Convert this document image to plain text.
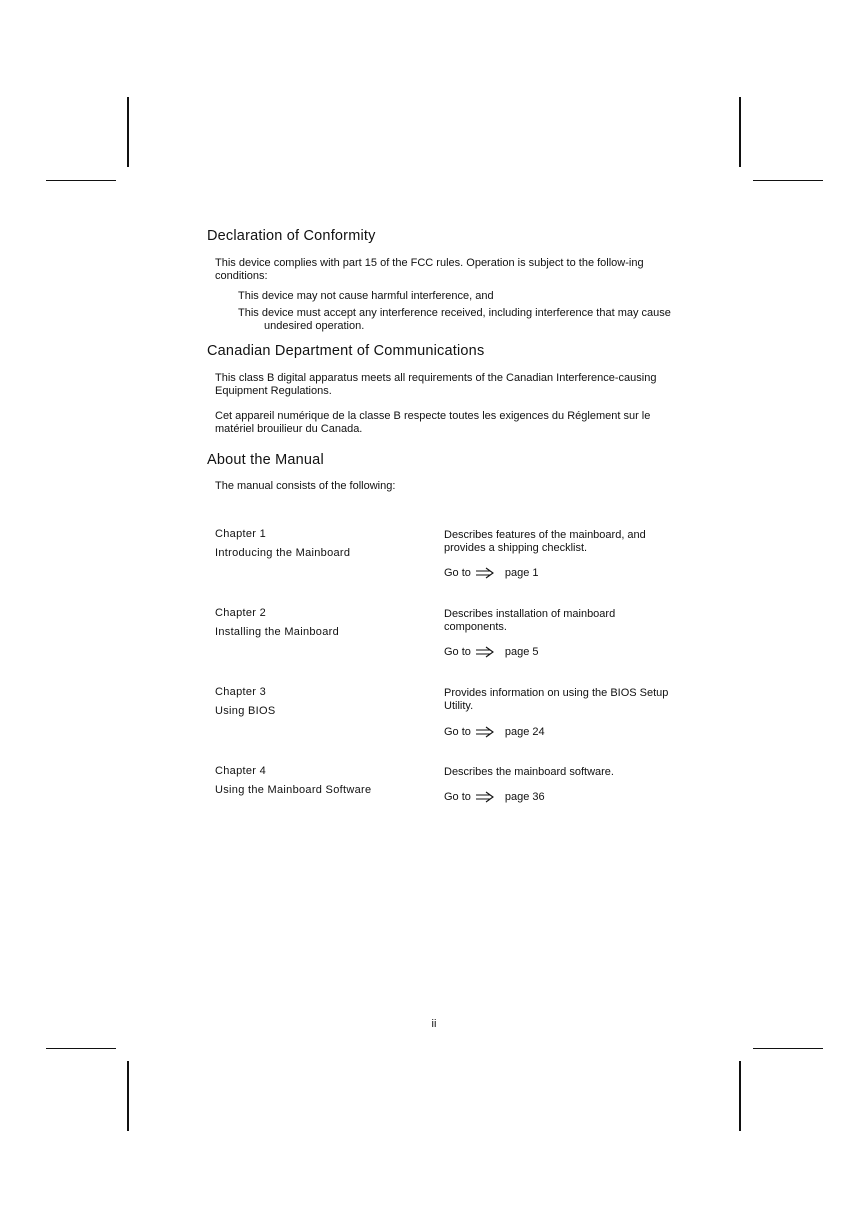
Declaration of Conformity

This device complies with part 15 of the FCC rules. Operation is subject to the follow-ing conditions:

This device may not cause harmful interference, and

This device must accept any interference received, including interference that may cause undesired operation.

Canadian Department of Communications

This class B digital apparatus meets all requirements of the Canadian Interference-causing Equipment Regulations.

Cet appareil numérique de la classe B respecte toutes les exigences du Réglement sur le matériel brouilieur du Canada.

About the Manual

The manual consists of the following:

Chapter 1
Introducing the Mainboard

Describes features of the mainboard, and provides a shipping checklist.

Go to	page 1
Chapter 2
Installing the Mainboard

Describes installation of mainboard components.

Go to	page 5
Chapter 3
Using BIOS

Provides information on using the BIOS Setup Utility.

Go to	page 24
Chapter 4
Using the Mainboard Software

Describes the mainboard software.

Go to	page 36
ii
